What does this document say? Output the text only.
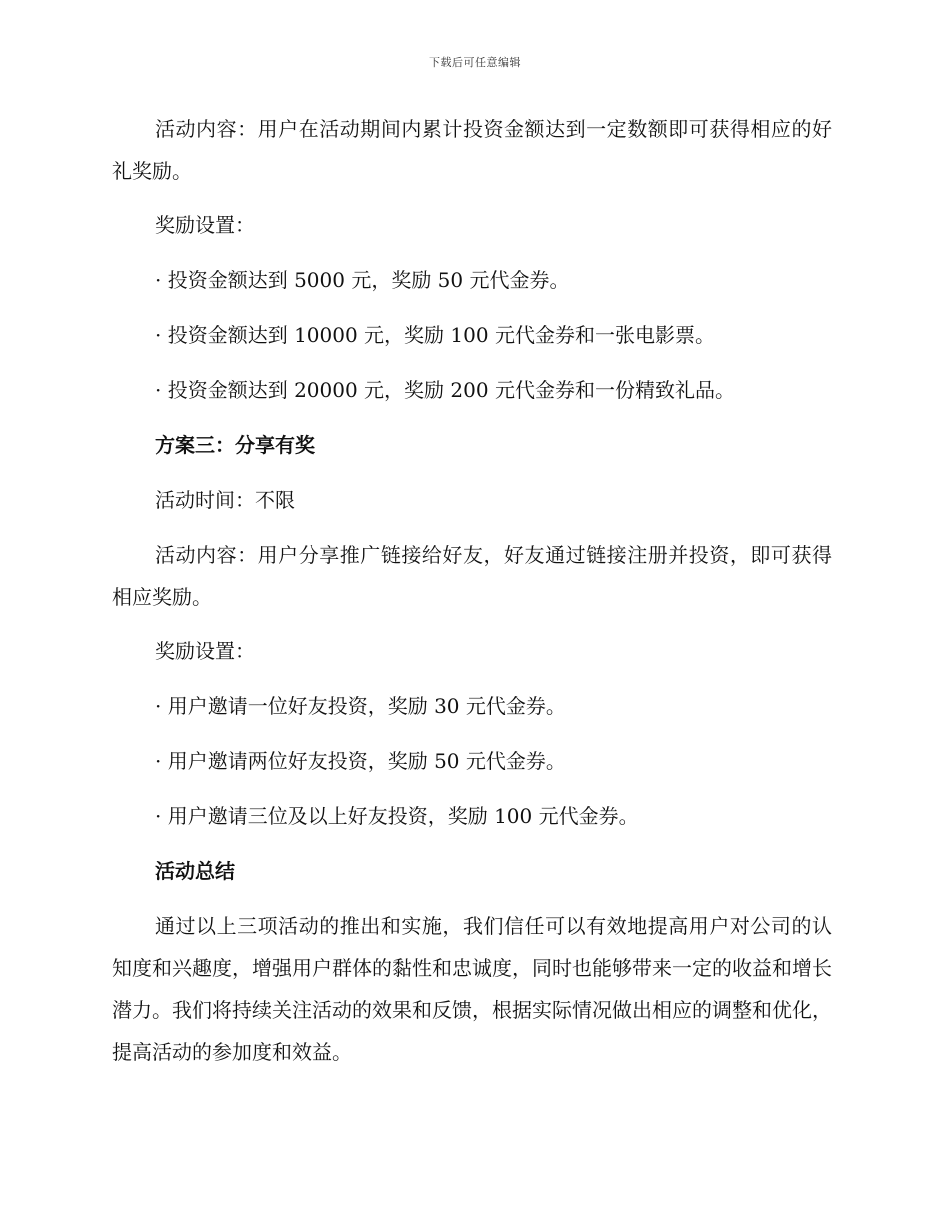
下载后可任意编辑

活动内容：用户在活动期间内累计投资金额达到一定数额即可获得相应的好礼奖励。

奖励设置：
· 投资金额达到 5000 元，奖励 50 元代金券。
· 投资金额达到 10000 元，奖励 100 元代金券和一张电影票。
· 投资金额达到 20000 元，奖励 200 元代金券和一份精致礼品。
方案三：分享有奖
活动时间：不限

活动内容：用户分享推广链接给好友，好友通过链接注册并投资，即可获得相应奖励。

奖励设置：
· 用户邀请一位好友投资，奖励 30 元代金券。
· 用户邀请两位好友投资，奖励 50 元代金券。
· 用户邀请三位及以上好友投资，奖励 100 元代金券。
活动总结

通过以上三项活动的推出和实施，我们信任可以有效地提高用户对公司的认知度和兴趣度，增强用户群体的黏性和忠诚度，同时也能够带来一定的收益和增长潜力。我们将持续关注活动的效果和反馈，根据实际情况做出相应的调整和优化，提高活动的参加度和效益。
